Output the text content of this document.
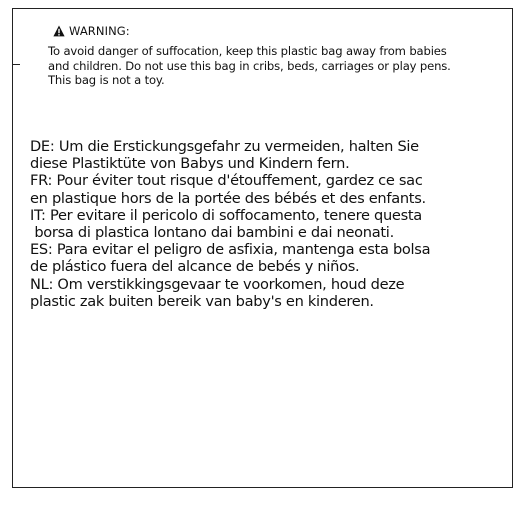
WARNING:
To avoid danger of suffocation, keep this plastic bag away from babies
and children. Do not use this bag in cribs, beds, carriages or play pens.
This bag is not a toy.
DE: Um die Erstickungsgefahr zu vermeiden, halten Sie
diese Plastiktüte von Babys und Kindern fern.
FR: Pour éviter tout risque d'étouffement, gardez ce sac
en plastique hors de la portée des bébés et des enfants.
IT: Per evitare il pericolo di soffocamento, tenere questa
borsa di plastica lontano dai bambini e dai neonati.
ES: Para evitar el peligro de asfixia, mantenga esta bolsa
de plástico fuera del alcance de bebés y niños.
NL: Om verstikkingsgevaar te voorkomen, houd deze
plastic zak buiten bereik van baby's en kinderen.
